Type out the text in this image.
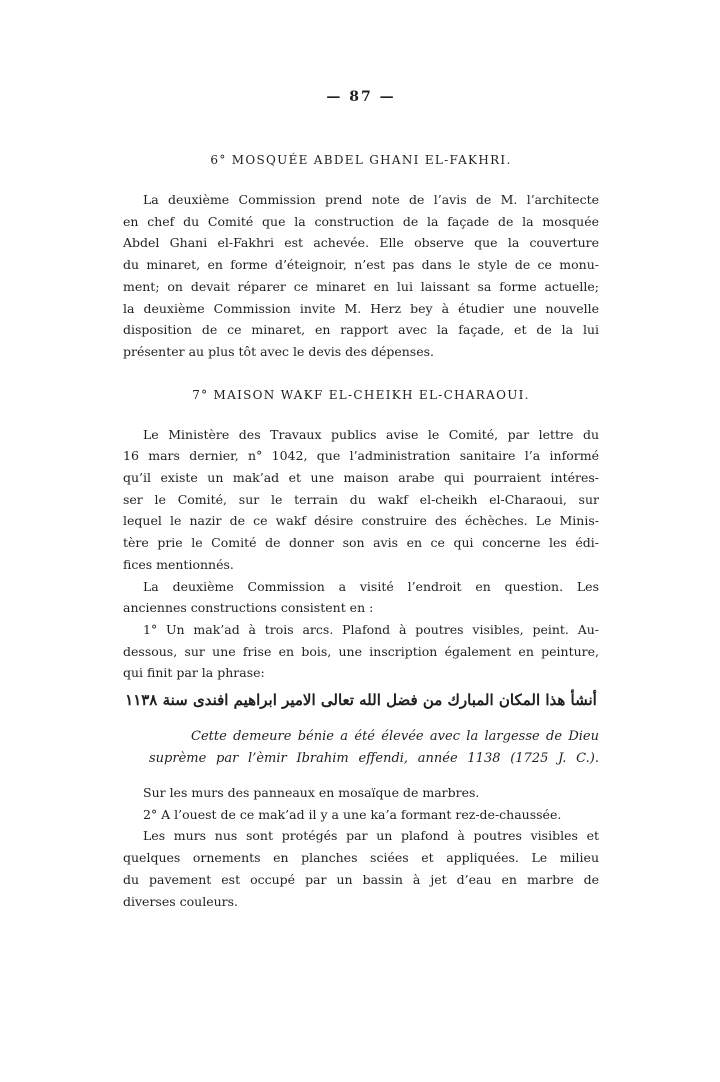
— 87 —
6° MOSQUÉE ABDEL GHANI EL-FAKHRI.
La deuxième Commission prend note de l’avis de M. l’architecte
en chef du Comité que la construction de la façade de la mosquée
Abdel Ghani el-Fakhri est achevée. Elle observe que la couverture
du minaret, en forme d’éteignoir, n’est pas dans le style de ce monu-
ment; on devait réparer ce minaret en lui laissant sa forme actuelle;
la deuxième Commission invite M. Herz bey à étudier une nouvelle
disposition de ce minaret, en rapport avec la façade, et de la lui
présenter au plus tôt avec le devis des dépenses.
7° MAISON WAKF EL-CHEIKH EL-CHARAOUI.
Le Ministère des Travaux publics avise le Comité, par lettre du
16 mars dernier, n° 1042, que l’administration sanitaire l’a informé
qu’il existe un mak’ad et une maison arabe qui pourraient intéres-
ser le Comité, sur le terrain du wakf el-cheikh el-Charaoui, sur
lequel le nazir de ce wakf désire construire des échèches. Le Minis-
tère prie le Comité de donner son avis en ce qui concerne les édi-
fices mentionnés.
La deuxième Commission a visité l’endroit en question. Les
anciennes constructions consistent en :
1° Un mak’ad à trois arcs. Plafond à poutres visibles, peint. Au-
dessous, sur une frise en bois, une inscription également en peinture,
qui finit par la phrase:
أنشأ هذا المكان المبارك من فضل الله تعالى الامير ابراهيم افندى سنة ١١٣٨
Cette demeure bénie a été élevée avec la largesse de Dieu
suprème par l’èmir Ibrahim effendi, année 1138 (1725 J. C.).
Sur les murs des panneaux en mosaïque de marbres.
2° A l’ouest de ce mak’ad il y a une ka’a formant rez-de-chaussée.
Les murs nus sont protégés par un plafond à poutres visibles et
quelques ornements en planches sciées et appliquées. Le milieu
du pavement est occupé par un bassin à jet d’eau en marbre de
diverses couleurs.
